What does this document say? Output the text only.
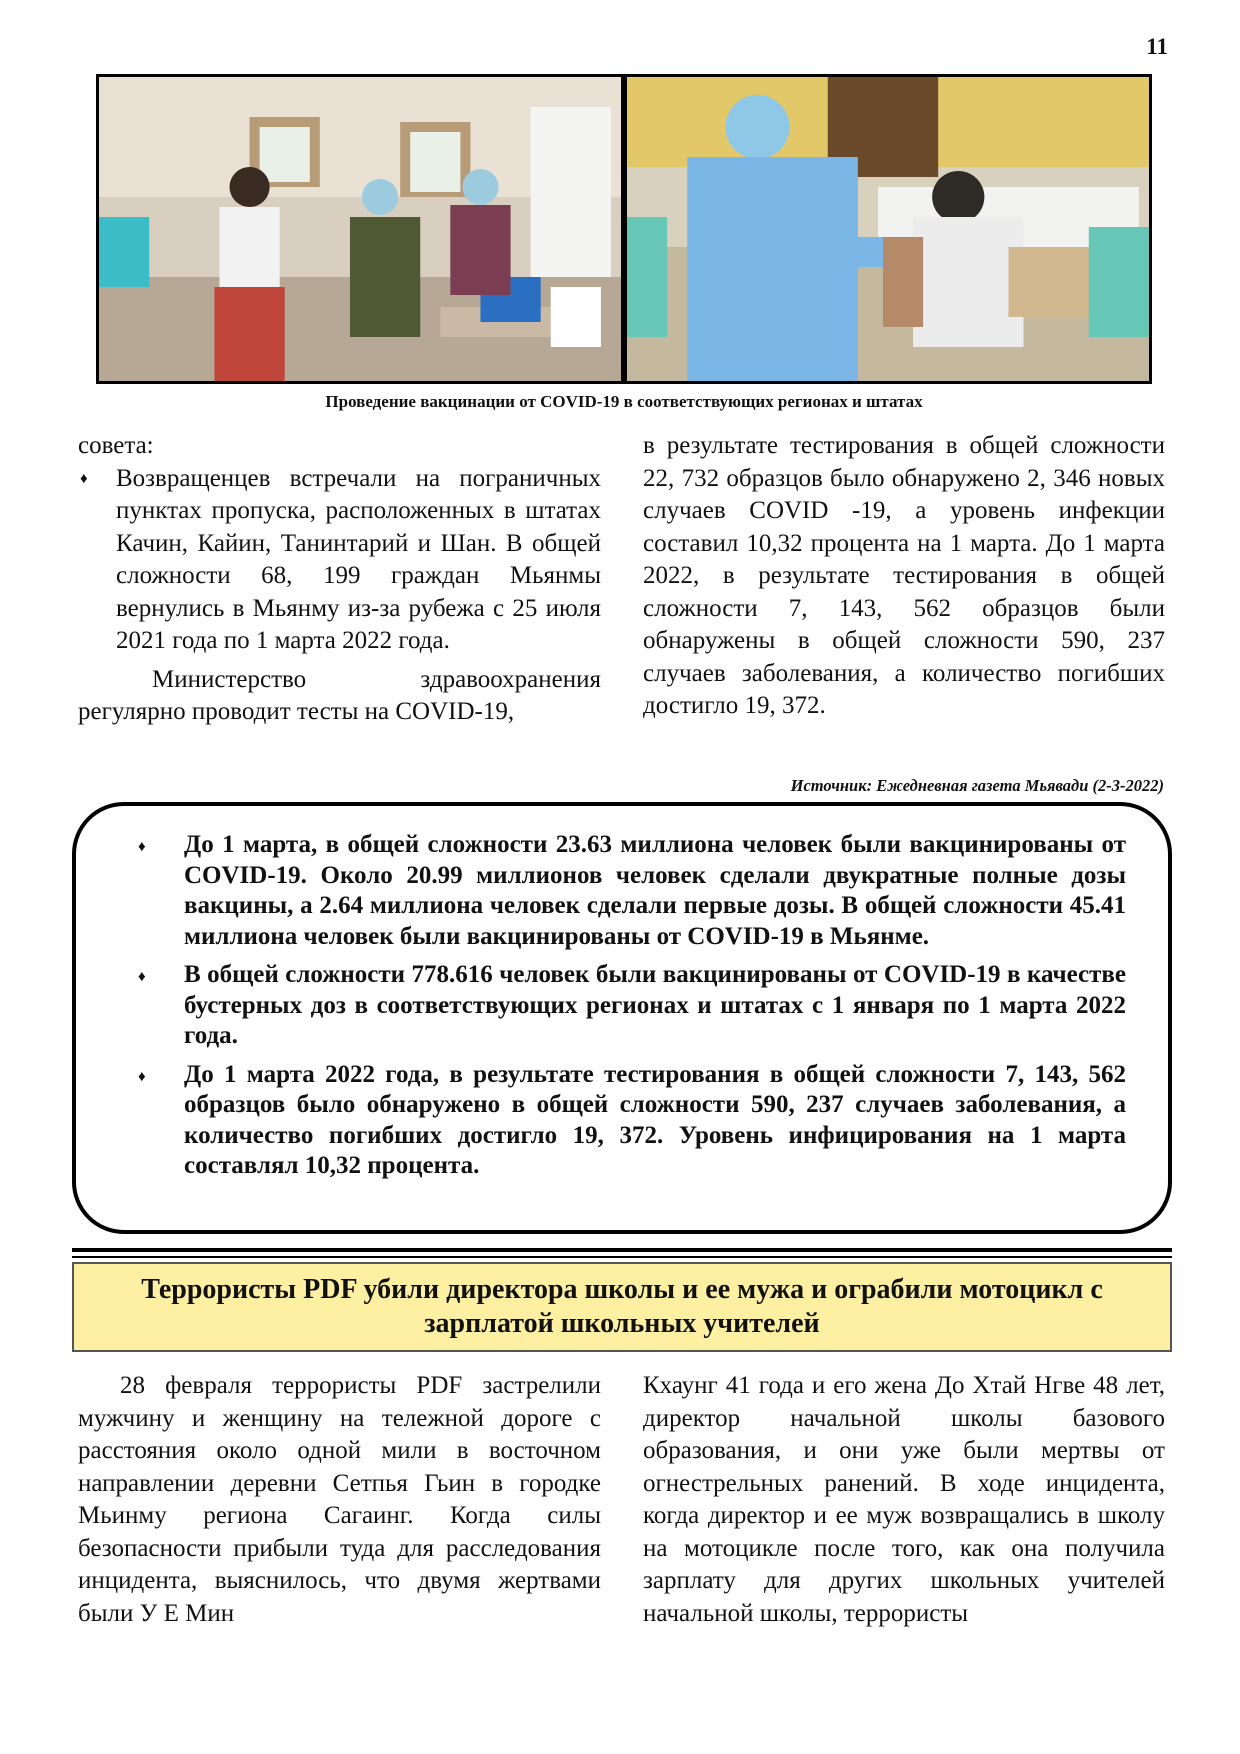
11
Проведение вакцинации от COVID-19 в соответствующих регионах и штатах

совета:

♦ Возвращенцев встречали на пограничных пунктах пропуска, расположенных в штатах Качин, Кайин, Танинтарий и Шан. В общей сложности 68, 199 граждан Мьянмы вернулись в Мьянму из-за рубежа с 25 июля 2021 года по 1 марта 2022 года.

Министерство здравоохранения регулярно проводит тесты на COVID-19,

в результате тестирования в общей сложности 22, 732 образцов было обнаружено 2, 346 новых случаев COVID -19, а уровень инфекции составил 10,32 процента на 1 марта. До 1 марта 2022, в результате тестирования в общей сложности 7, 143, 562 образцов были обнаружены в общей сложности 590, 237 случаев заболевания, а количество погибших достигло 19, 372.

Источник: Ежедневная газета Мьявади (2-3-2022)
♦ До 1 марта, в общей сложности 23.63 миллиона человек были вакцинированы от COVID-19. Около 20.99 миллионов человек сделали двукратные полные дозы вакцины, а 2.64 миллиона человек сделали первые дозы. В общей сложности 45.41 миллиона человек были вакцинированы от COVID-19 в Мьянме.
♦ В общей сложности 778.616 человек были вакцинированы от COVID-19 в качестве бустерных доз в соответствующих регионах и штатах с 1 января по 1 марта 2022 года.
♦ До 1 марта 2022 года, в результате тестирования в общей сложности 7, 143, 562 образцов было обнаружено в общей сложности 590, 237 случаев заболевания, а количество погибших достигло 19, 372. Уровень инфицирования на 1 марта составлял 10,32 процента.
Террористы PDF убили директора школы и ее мужа и ограбили мотоцикл с зарплатой школьных учителей

28 февраля террористы PDF застрелили мужчину и женщину на тележной дороге с расстояния около одной мили в восточном направлении деревни Сетпья Гьин в городке Мьинму региона Сагаинг. Когда силы безопасности прибыли туда для расследования инцидента, выяснилось, что двумя жертвами были У Е Мин

Кхаунг 41 года и его жена До Хтай Нгве 48 лет, директор начальной школы базового образования, и они уже были мертвы от огнестрельных ранений. В ходе инцидента, когда директор и ее муж возвращались в школу на мотоцикле после того, как она получила зарплату для других школьных учителей начальной школы, террористы
